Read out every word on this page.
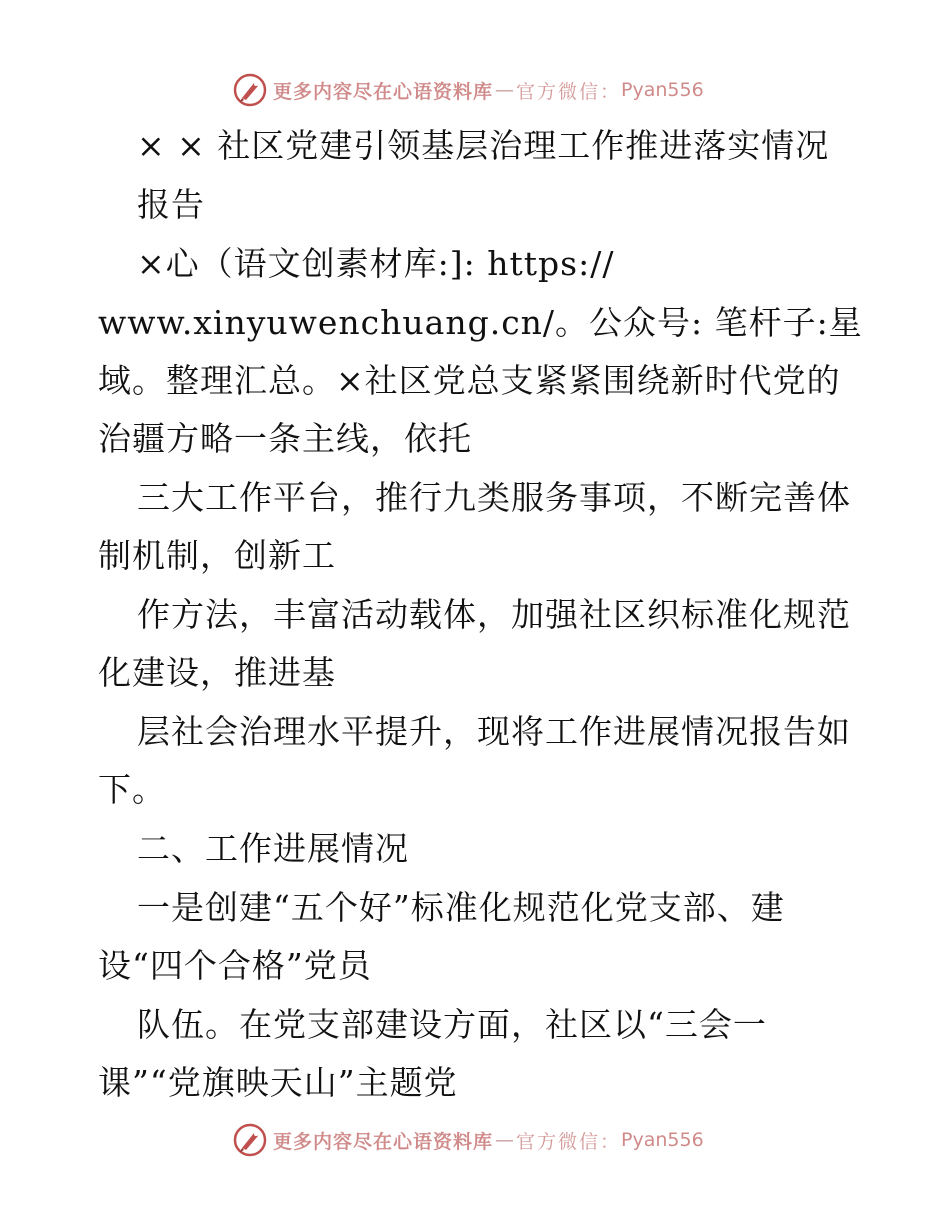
更多内容尽在心语资料库 — 官方微信： Pyan556
× × 社区党建引领基层治理工作推进落实情况
报告
×心（语文创素材库:]: https://
www.xinyuwenchuang.cn/。公众号: 笔杆子:星
域。整理汇总。×社区党总支紧紧围绕新时代党的
治疆方略一条主线，依托
三大工作平台，推行九类服务事项，不断完善体
制机制，创新工
作方法，丰富活动载体，加强社区织标准化规范
化建设，推进基
层社会治理水平提升，现将工作进展情况报告如
下。
二、工作进展情况
一是创建“五个好”标准化规范化党支部、建
设“四个合格”党员
队伍。在党支部建设方面，社区以“三会一
课”“党旗映天山”主题党
更多内容尽在心语资料库 — 官方微信： Pyan556
